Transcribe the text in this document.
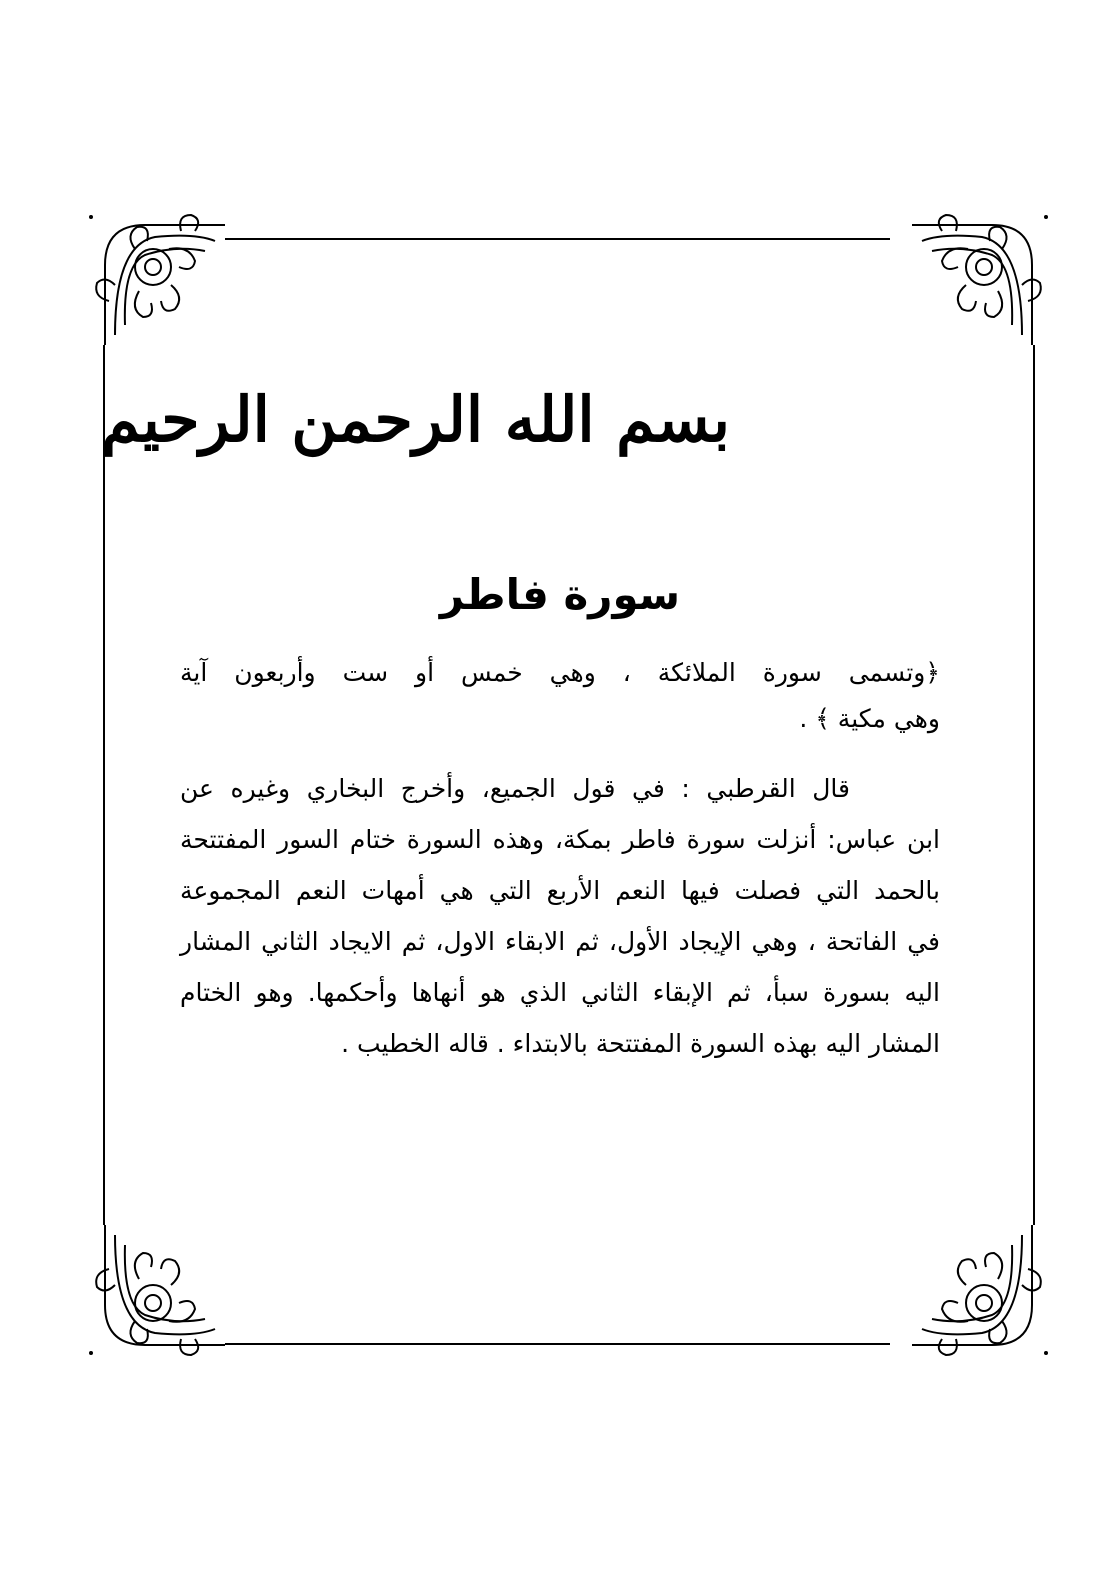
بسم الله الرحمن الرحيم
سورة فاطر
﴿وتسمى سورة الملائكة ، وهي خمس أو ست وأربعون آية
وهي مكية ﴾ .
قال القرطبي : في قول الجميع، وأخرج البخاري وغيره عن
ابن عباس: أنزلت سورة فاطر بمكة، وهذه السورة ختام السور المفتتحة
بالحمد التي فصلت فيها النعم الأربع التي هي أمهات النعم المجموعة
في الفاتحة ، وهي الإيجاد الأول، ثم الابقاء الاول، ثم الايجاد الثاني المشار
اليه بسورة سبأ، ثم الإبقاء الثاني الذي هو أنهاها وأحكمها. وهو الختام
المشار اليه بهذه السورة المفتتحة بالابتداء . قاله الخطيب .
